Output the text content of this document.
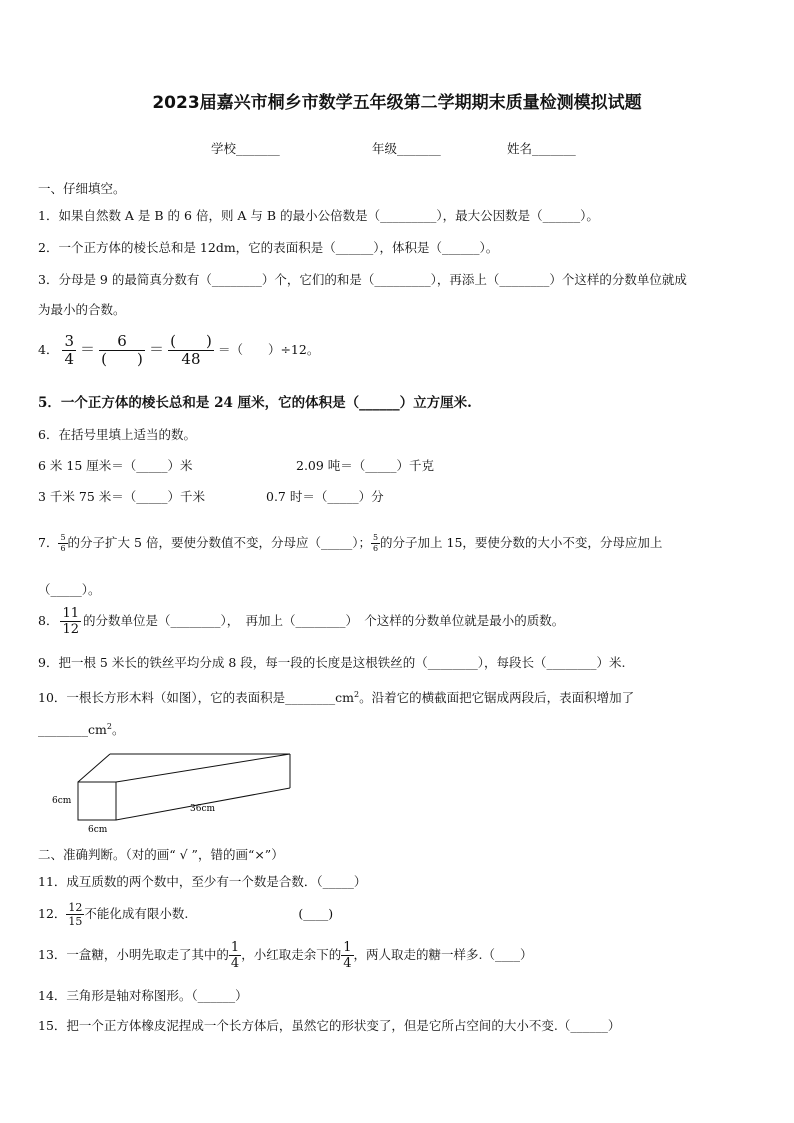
2023届嘉兴市桐乡市数学五年级第二学期期末质量检测模拟试题
学校_______	年级_______	姓名_______
一、仔细填空。
1．如果自然数 A 是 B 的 6 倍，则 A 与 B 的最小公倍数是（_________），最大公因数是（______）。
2．一个正方体的棱长总和是 12dm，它的表面积是（______），体积是（______）。
3．分母是 9 的最简真分数有（________）个，它们的和是（_________），再添上（________）个这样的分数单位就成
为最小的合数。
4． $\frac{3}{4} = \frac{6}{( )} = \frac{( )}{48}$ ＝（　　）÷12。
5．一个正方体的棱长总和是 24 厘米，它的体积是（______）立方厘米.
6．在括号里填上适当的数。
6 米 15 厘米＝（_____）米	2.09 吨＝（_____）千克
3 千米 75 米＝（_____）千米	0.7 时＝（_____）分
7． $\frac{5}{6}$ 的分子扩大 5 倍，要使分数值不变，分母应（_____）； $\frac{5}{6}$ 的分子加上 15，要使分数的大小不变，分母应加上
（_____）。
8． $\frac{11}{12}$ 的分数单位是（________），　再加上（________）　个这样的分数单位就是最小的质数。
9．把一根 5 米长的铁丝平均分成 8 段，每一段的长度是这根铁丝的（________），每段长（________）米.
10．一根长方形木料（如图），它的表面积是$\_\_\_\_\_\_\_\_cm^2$。沿着它的横截面把它锯成两段后，表面积增加了
$\_\_\_\_\_\_\_\_cm^2$。
6cm
6cm
36cm
二、准确判断。（对的画“ √ ”，错的画“×”）
11．成互质数的两个数中，至少有一个数是合数．（_____）
12． $\frac{12}{15}$ 不能化成有限小数.	(____)
13．一盒糖，小明先取走了其中的 $\frac{1}{4}$ ，小红取走余下的 $\frac{1}{4}$ ，两人取走的糖一样多.（____）
14．三角形是轴对称图形。（______）
15．把一个正方体橡皮泥捏成一个长方体后，虽然它的形状变了，但是它所占空间的大小不变.（______）
